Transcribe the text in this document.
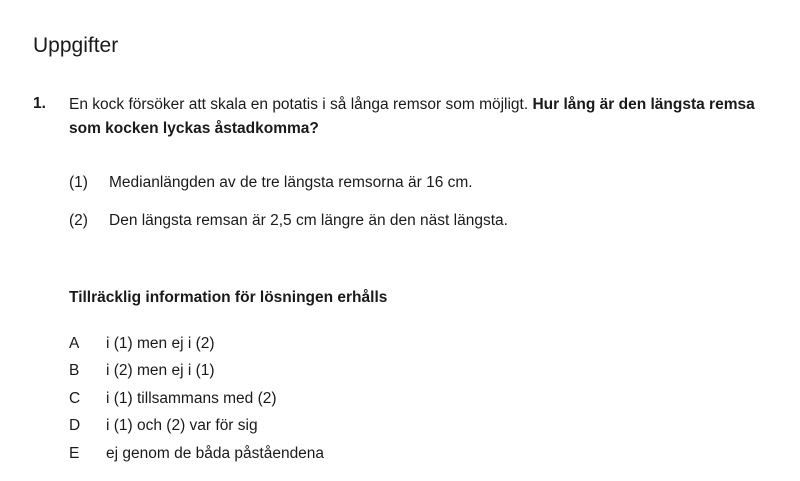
Uppgifter
1. En kock försöker att skala en potatis i så långa remsor som möjligt. Hur lång är den längsta remsa som kocken lyckas åstadkomma?

(1) Medianlängden av de tre längsta remsorna är 16 cm.
(2) Den längsta remsan är 2,5 cm längre än den näst längsta.
Tillräcklig information för lösningen erhålls
A i (1) men ej i (2)
B i (2) men ej i (1)
C i (1) tillsammans med (2)
D i (1) och (2) var för sig
E ej genom de båda påståendena
